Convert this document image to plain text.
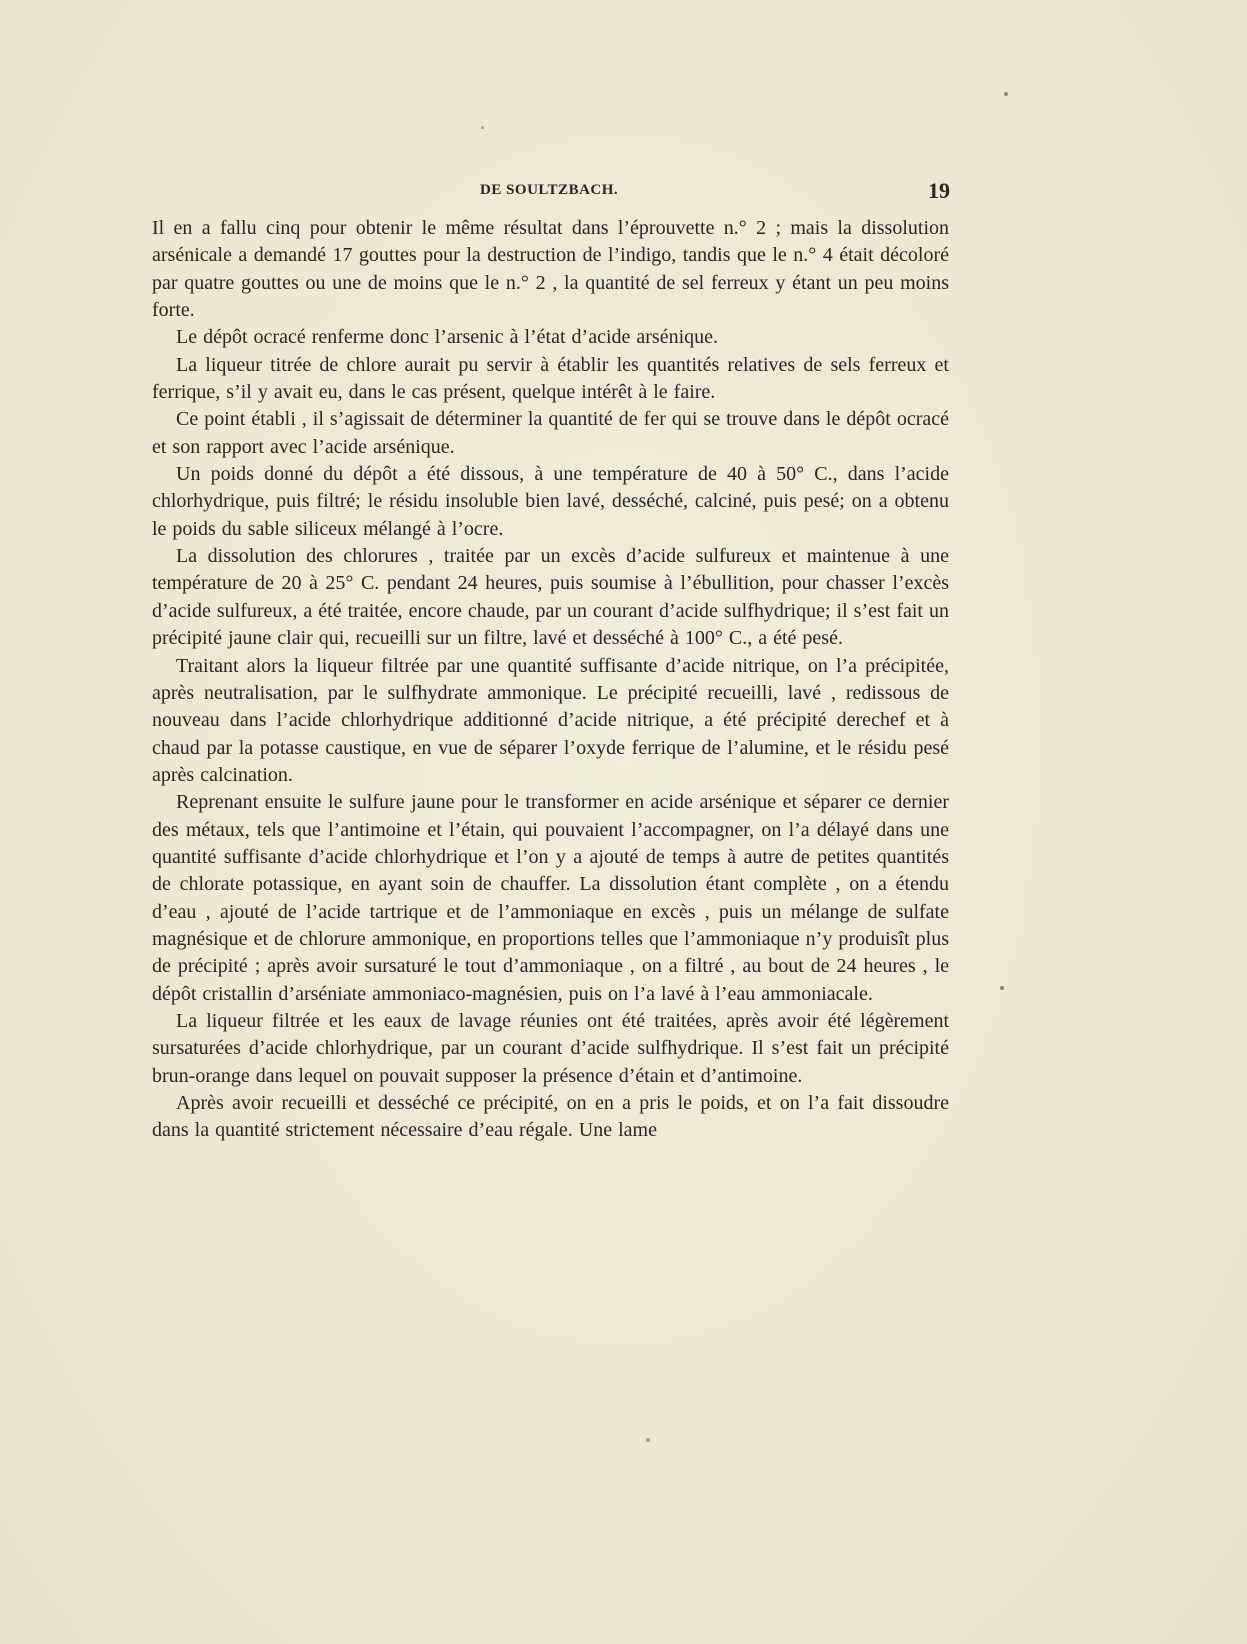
DE SOULTZBACH.	19

Il en a fallu cinq pour obtenir le même résultat dans l’éprouvette n.° 2 ; mais la dissolution arsénicale a demandé 17 gouttes pour la destruction de l’indigo, tandis que le n.° 4 était décoloré par quatre gouttes ou une de moins que le n.° 2 , la quantité de sel ferreux y étant un peu moins forte.

Le dépôt ocracé renferme donc l’arsenic à l’état d’acide arsénique.

La liqueur titrée de chlore aurait pu servir à établir les quantités relatives de sels ferreux et ferrique, s’il y avait eu, dans le cas présent, quelque intérêt à le faire.

Ce point établi , il s’agissait de déterminer la quantité de fer qui se trouve dans le dépôt ocracé et son rapport avec l’acide arsénique.

Un poids donné du dépôt a été dissous, à une température de 40 à 50° C., dans l’acide chlorhydrique, puis filtré; le résidu insoluble bien lavé, desséché, calciné, puis pesé; on a obtenu le poids du sable siliceux mélangé à l’ocre.

La dissolution des chlorures , traitée par un excès d’acide sulfureux et maintenue à une température de 20 à 25° C. pendant 24 heures, puis soumise à l’ébullition, pour chasser l’excès d’acide sulfureux, a été traitée, encore chaude, par un courant d’acide sulfhydrique; il s’est fait un précipité jaune clair qui, recueilli sur un filtre, lavé et desséché à 100° C., a été pesé.

Traitant alors la liqueur filtrée par une quantité suffisante d’acide nitrique, on l’a précipitée, après neutralisation, par le sulfhydrate ammonique. Le précipité recueilli, lavé , redissous de nouveau dans l’acide chlorhydrique additionné d’acide nitrique, a été précipité derechef et à chaud par la potasse caustique, en vue de séparer l’oxyde ferrique de l’alumine, et le résidu pesé après calcination.

Reprenant ensuite le sulfure jaune pour le transformer en acide arsénique et séparer ce dernier des métaux, tels que l’antimoine et l’étain, qui pouvaient l’accompagner, on l’a délayé dans une quantité suffisante d’acide chlorhydrique et l’on y a ajouté de temps à autre de petites quantités de chlorate potassique, en ayant soin de chauffer. La dissolution étant complète , on a étendu d’eau , ajouté de l’acide tartrique et de l’ammoniaque en excès , puis un mélange de sulfate magnésique et de chlorure ammonique, en proportions telles que l’ammoniaque n’y produisît plus de précipité ; après avoir sursaturé le tout d’ammoniaque , on a filtré , au bout de 24 heures , le dépôt cristallin d’arséniate ammoniaco-magnésien, puis on l’a lavé à l’eau ammoniacale.

La liqueur filtrée et les eaux de lavage réunies ont été traitées, après avoir été légèrement sursaturées d’acide chlorhydrique, par un courant d’acide sulfhydrique. Il s’est fait un précipité brun-orange dans lequel on pouvait supposer la présence d’étain et d’antimoine.

Après avoir recueilli et desséché ce précipité, on en a pris le poids, et on l’a fait dissoudre dans la quantité strictement nécessaire d’eau régale. Une lame
